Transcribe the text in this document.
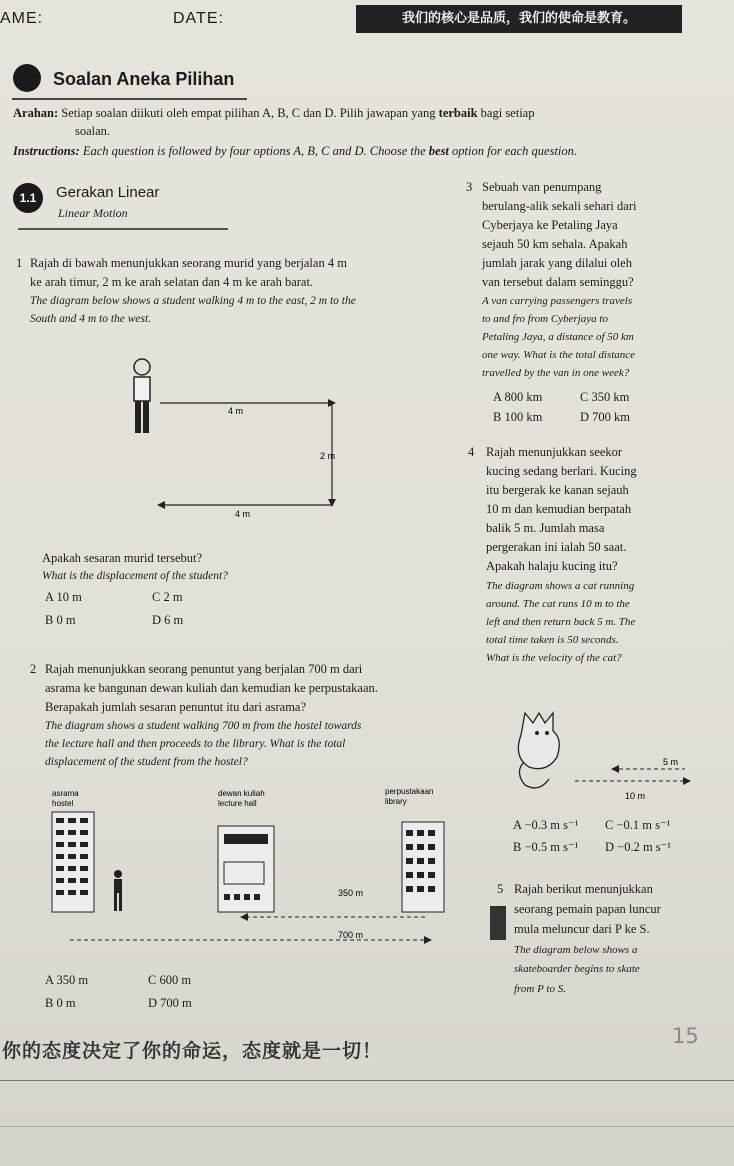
AME:	DATE:	我们的核心是品质，我们的使命是教育。
Soalan Aneka Pilihan
Arahan: Setiap soalan diikuti oleh empat pilihan A, B, C dan D. Pilih jawapan yang terbaik bagi setiap
soalan.
Instructions: Each question is followed by four options A, B, C and D. Choose the best option for each question.
1.1	Gerakan Linear
Linear Motion
1 Rajah di bawah menunjukkan seorang murid yang berjalan 4 m
ke arah timur, 2 m ke arah selatan dan 4 m ke arah barat.
The diagram below shows a student walking 4 m to the east, 2 m to the
South and 4 m to the west.
4 m
2 m
4 m
Apakah sesaran murid tersebut?
What is the displacement of the student?
A 10 m	C 2 m
B 0 m	D 6 m
2 Rajah menunjukkan seorang penuntut yang berjalan 700 m dari
asrama ke bangunan dewan kuliah dan kemudian ke perpustakaan.
Berapakah jumlah sesaran penuntut itu dari asrama?
The diagram shows a student walking 700 m from the hostel towards
the lecture hall and then proceeds to the library. What is the total
displacement of the student from the hostel?
asrama
hostel
dewan kuliah
lecture hall
perpustakaan
library
350 m
700 m
A 350 m	C 600 m
B 0 m	D 700 m
3 Sebuah van penumpang
berulang-alik sekali sehari dari
Cyberjaya ke Petaling Jaya
sejauh 50 km sehala. Apakah
jumlah jarak yang dilalui oleh
van tersebut dalam seminggu?
A van carrying passengers travels
to and fro from Cyberjaya to
Petaling Jaya, a distance of 50 km
one way. What is the total distance
travelled by the van in one week?
A 800 km	C 350 km
B 100 km	D 700 km
4 Rajah menunjukkan seekor
kucing sedang berlari. Kucing
itu bergerak ke kanan sejauh
10 m dan kemudian berpatah
balik 5 m. Jumlah masa
pergerakan ini ialah 50 saat.
Apakah halaju kucing itu?
The diagram shows a cat running
around. The cat runs 10 m to the
left and then return back 5 m. The
total time taken is 50 seconds.
What is the velocity of the cat?
5 m
10 m
A −0.3 m s⁻¹ C −0.1 m s⁻¹
B −0.5 m s⁻¹ D −0.2 m s⁻¹
5 Rajah berikut menunjukkan
seorang pemain papan luncur
mula meluncur dari P ke S.
The diagram below shows a
skateboarder begins to skate
from P to S.
你的态度决定了你的命运，态度就是一切！
15
